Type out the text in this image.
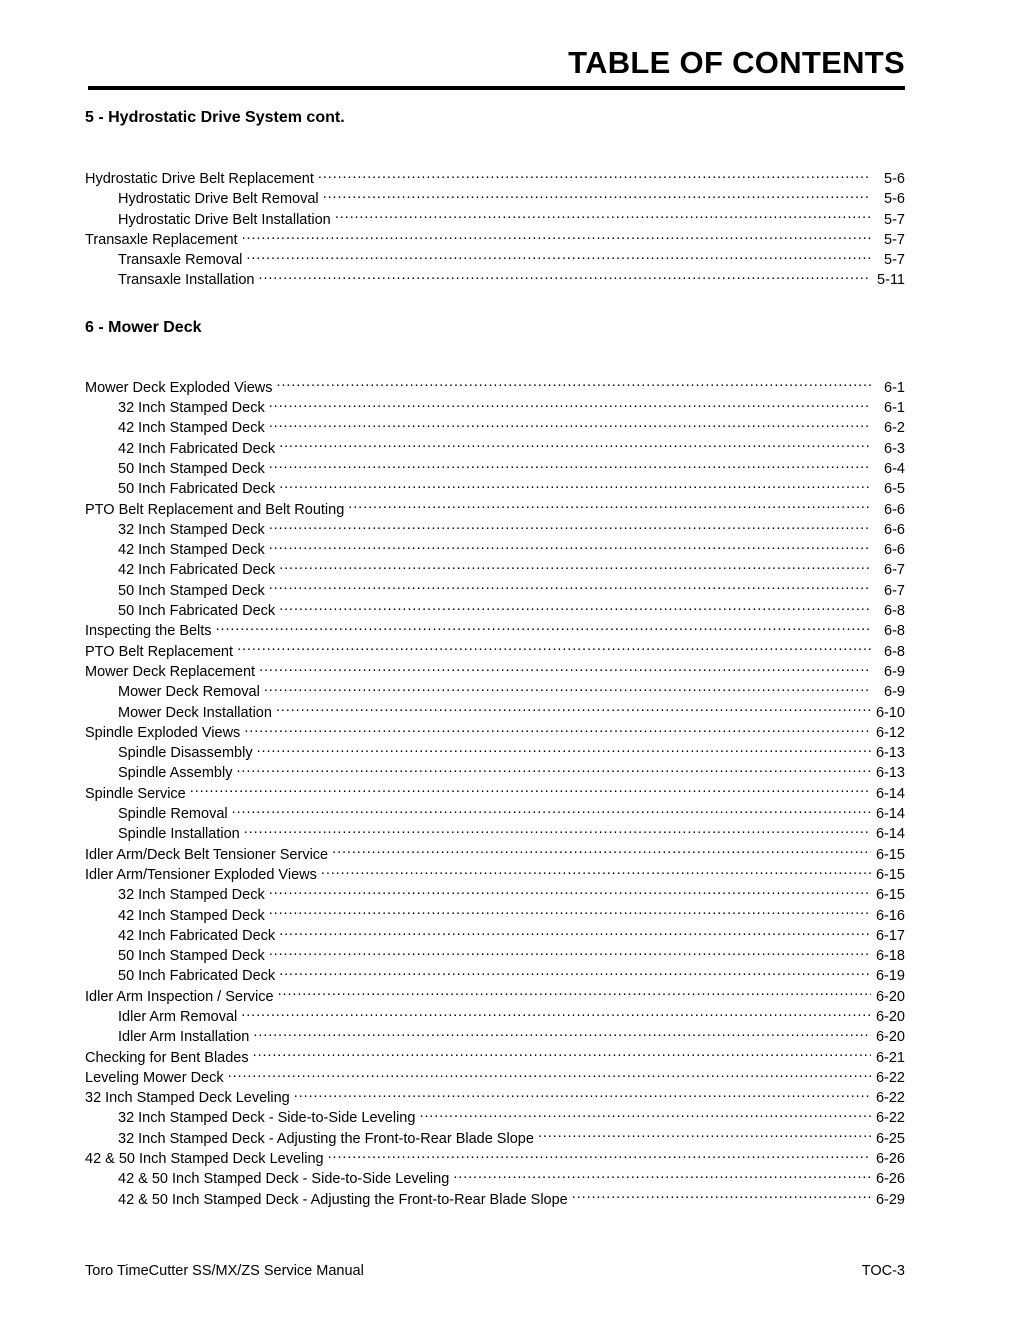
TABLE OF CONTENTS
5 - Hydrostatic Drive System cont.
Hydrostatic Drive Belt Replacement .....	5-6
Hydrostatic Drive Belt Removal .....	5-6
Hydrostatic Drive Belt Installation .....	5-7
Transaxle Replacement .....	5-7
Transaxle Removal .....	5-7
Transaxle Installation .....	5-11
6 - Mower Deck
Mower Deck Exploded Views .....	6-1
32 Inch Stamped Deck .....	6-1
42 Inch Stamped Deck .....	6-2
42 Inch Fabricated Deck .....	6-3
50 Inch Stamped Deck .....	6-4
50 Inch Fabricated Deck .....	6-5
PTO Belt Replacement and Belt Routing .....	6-6
32 Inch Stamped Deck .....	6-6
42 Inch Stamped Deck .....	6-6
42 Inch Fabricated Deck .....	6-7
50 Inch Stamped Deck .....	6-7
50 Inch Fabricated Deck .....	6-8
Inspecting the Belts .....	6-8
PTO Belt Replacement .....	6-8
Mower Deck Replacement .....	6-9
Mower Deck Removal .....	6-9
Mower Deck Installation .....	6-10
Spindle Exploded Views .....	6-12
Spindle Disassembly .....	6-13
Spindle Assembly .....	6-13
Spindle Service .....	6-14
Spindle Removal .....	6-14
Spindle Installation .....	6-14
Idler Arm/Deck Belt Tensioner Service .....	6-15
Idler Arm/Tensioner Exploded Views .....	6-15
32 Inch Stamped Deck .....	6-15
42 Inch Stamped Deck .....	6-16
42 Inch Fabricated Deck .....	6-17
50 Inch Stamped Deck .....	6-18
50 Inch Fabricated Deck .....	6-19
Idler Arm Inspection / Service .....	6-20
Idler Arm Removal .....	6-20
Idler Arm Installation .....	6-20
Checking for Bent Blades .....	6-21
Leveling Mower Deck .....	6-22
32 Inch Stamped Deck Leveling .....	6-22
32 Inch Stamped Deck - Side-to-Side Leveling .....	6-22
32 Inch Stamped Deck - Adjusting the Front-to-Rear Blade Slope .....	6-25
42 & 50 Inch Stamped Deck Leveling .....	6-26
42 & 50 Inch Stamped Deck - Side-to-Side Leveling .....	6-26
42 & 50 Inch Stamped Deck - Adjusting the Front-to-Rear Blade Slope .....	6-29
Toro TimeCutter SS/MX/ZS Service Manual	TOC-3
